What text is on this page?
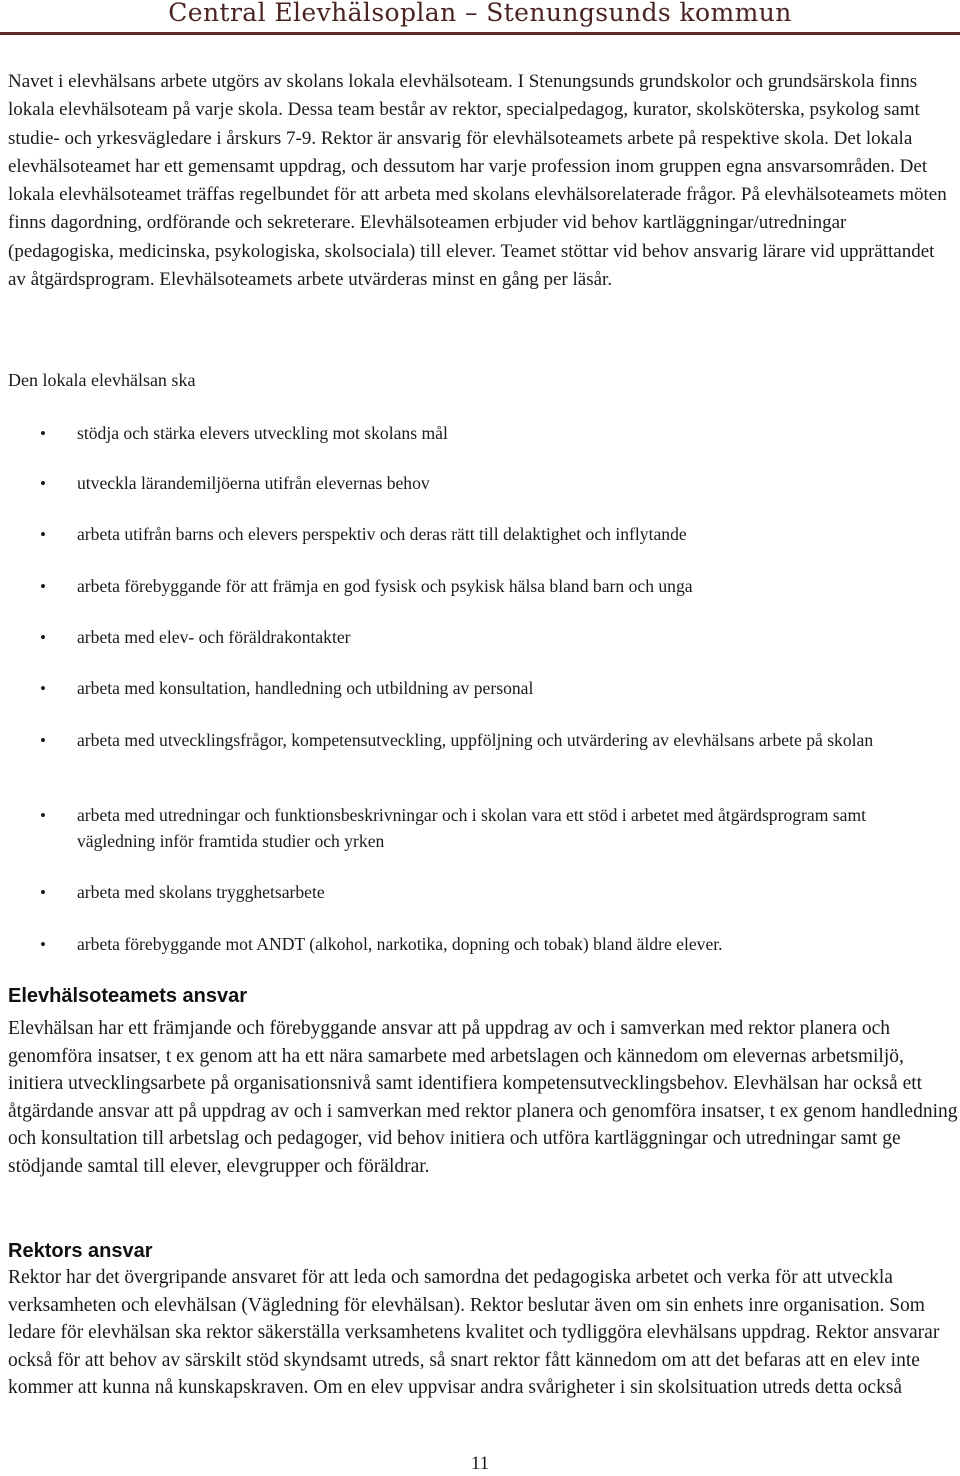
Central Elevhälsoplan – Stenungsunds kommun
Navet i elevhälsans arbete utgörs av skolans lokala elevhälsoteam. I Stenungsunds grundskolor och grundsärskola finns lokala elevhälsoteam på varje skola. Dessa team består av rektor, specialpedagog, kurator, skolsköterska, psykolog samt studie- och yrkesvägledare i årskurs 7-9. Rektor är ansvarig för elevhälsoteamets arbete på respektive skola. Det lokala elevhälsoteamet har ett gemensamt uppdrag, och dessutom har varje profession inom gruppen egna ansvarsområden. Det lokala elevhälsoteamet träffas regelbundet för att arbeta med skolans elevhälsorelaterade frågor. På elevhälsoteamets möten finns dagordning, ordförande och sekreterare. Elevhälsoteamen erbjuder vid behov kartläggningar/utredningar (pedagogiska, medicinska, psykologiska, skolsociala) till elever. Teamet stöttar vid behov ansvarig lärare vid upprättandet av åtgärdsprogram. Elevhälsoteamets arbete utvärderas minst en gång per läsår.
Den lokala elevhälsan ska
• stödja och stärka elevers utveckling mot skolans mål
• utveckla lärandemiljöerna utifrån elevernas behov
• arbeta utifrån barns och elevers perspektiv och deras rätt till delaktighet och inflytande
• arbeta förebyggande för att främja en god fysisk och psykisk hälsa bland barn och unga
• arbeta med elev- och föräldrakontakter
• arbeta med konsultation, handledning och utbildning av personal
• arbeta med utvecklingsfrågor, kompetensutveckling, uppföljning och utvärdering av elevhälsans arbete på skolan
• arbeta med utredningar och funktionsbeskrivningar och i skolan vara ett stöd i arbetet med åtgärdsprogram samt vägledning inför framtida studier och yrken
• arbeta med skolans trygghetsarbete
• arbeta förebyggande mot ANDT (alkohol, narkotika, dopning och tobak) bland äldre elever.
Elevhälsoteamets ansvar
Elevhälsan har ett främjande och förebyggande ansvar att på uppdrag av och i samverkan med rektor planera och genomföra insatser, t ex genom att ha ett nära samarbete med arbetslagen och kännedom om elevernas arbetsmiljö, initiera utvecklingsarbete på organisationsnivå samt identifiera kompetensutvecklingsbehov. Elevhälsan har också ett åtgärdande ansvar att på uppdrag av och i samverkan med rektor planera och genomföra insatser, t ex genom handledning och konsultation till arbetslag och pedagoger, vid behov initiera och utföra kartläggningar och utredningar samt ge stödjande samtal till elever, elevgrupper och föräldrar.
Rektors ansvar
Rektor har det övergripande ansvaret för att leda och samordna det pedagogiska arbetet och verka för att utveckla verksamheten och elevhälsan (Vägledning för elevhälsan). Rektor beslutar även om sin enhets inre organisation. Som ledare för elevhälsan ska rektor säkerställa verksamhetens kvalitet och tydliggöra elevhälsans uppdrag. Rektor ansvarar också för att behov av särskilt stöd skyndsamt utreds, så snart rektor fått kännedom om att det befaras att en elev inte kommer att kunna nå kunskapskraven. Om en elev uppvisar andra svårigheter i sin skolsituation utreds detta också
11
